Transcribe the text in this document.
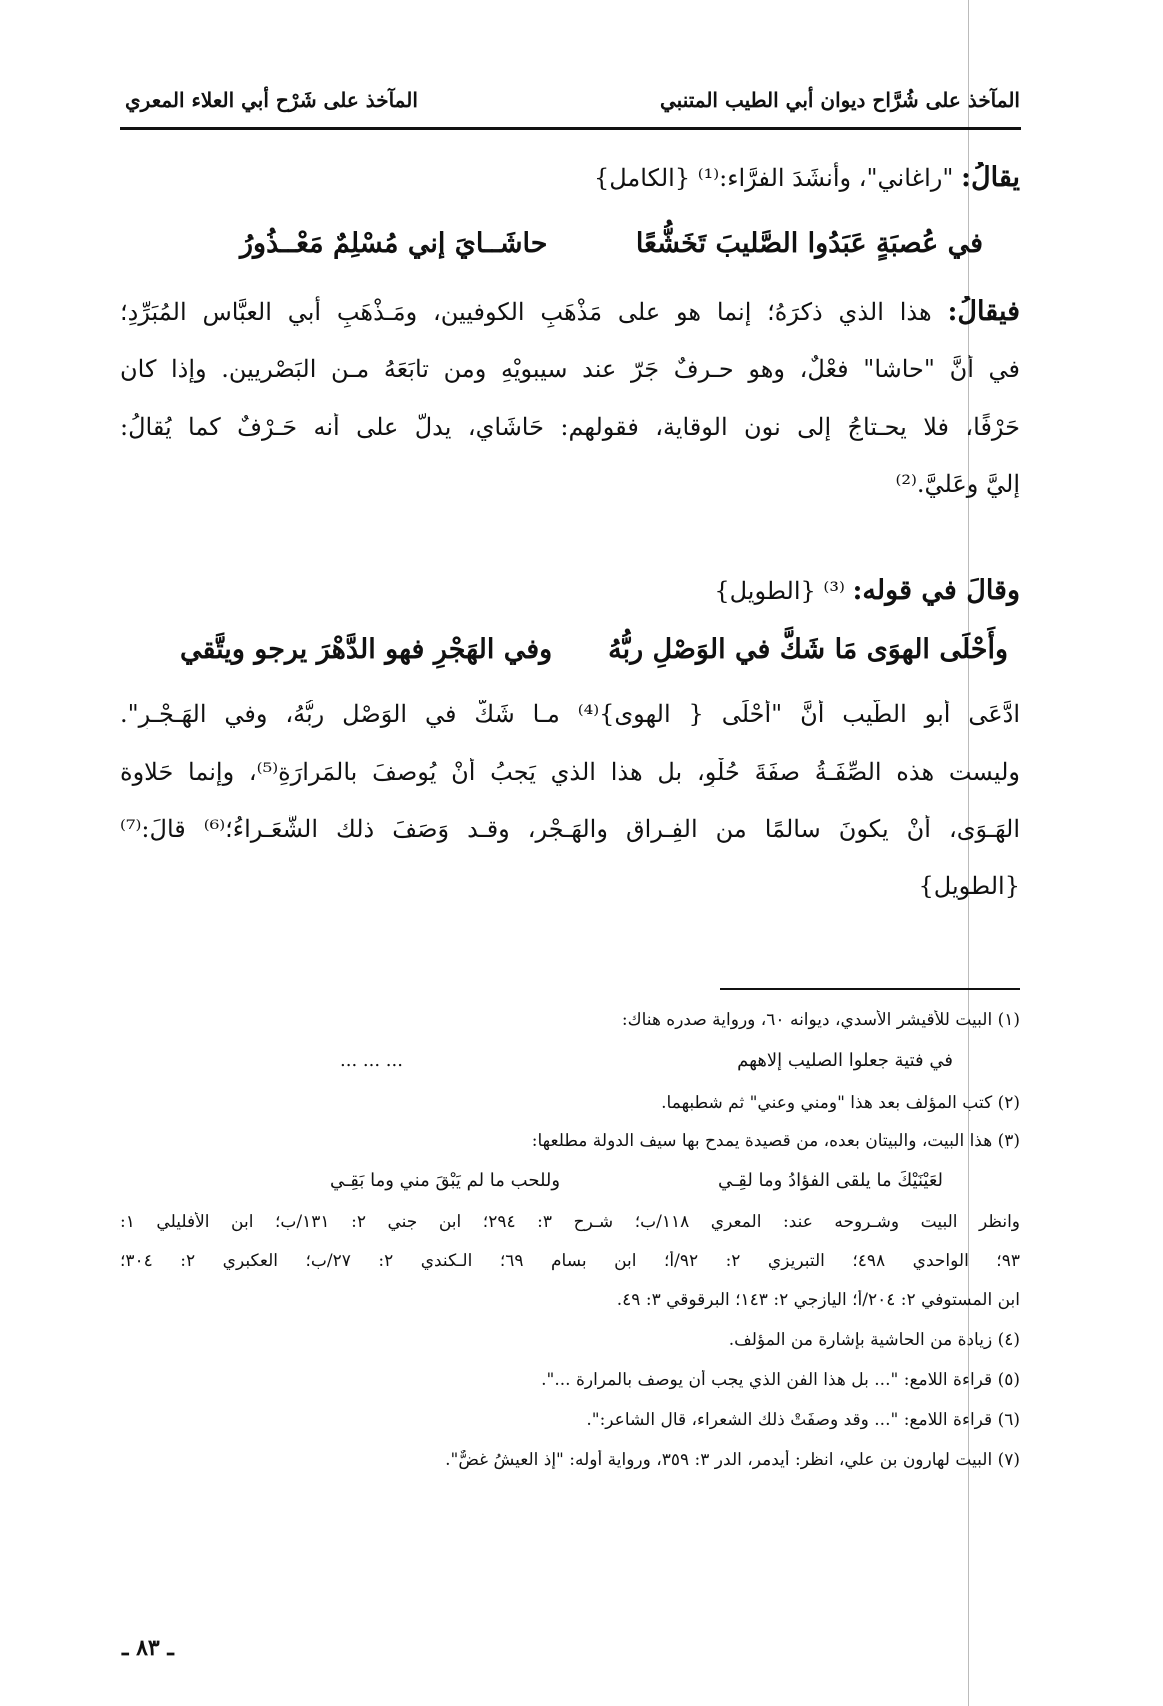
المآخذ على شُرَّاح ديوان أبي الطيب المتنبي
المآخذ على شَرْح أبي العلاء المعري
يقالُ: "راغاني"، وأنشَدَ الفرَّاء:⁽¹⁾ {الكامل}
في عُصبَةٍ عَبَدُوا الصَّليبَ تَخَشُّعًا
حاشَــايَ إني مُسْلِمٌ مَعْــذُورُ
فيقالُ: هذا الذي ذكرَهُ؛ إنما هو على مَذْهَبِ الكوفيين، ومَـذْهَبِ أبي العبَّاس المُبَرِّدِ؛
في أنَّ "حاشا" فعْلٌ، وهو حـرفٌ جَرّ عند سيبويْهِ ومن تابَعَهُ مـن البَصْريين. وإذا كان
حَرْفًا، فلا يحـتاجُ إلى نون الوقاية، فقولهم: حَاشَاي، يدلُّ على أنه حَـرْفٌ كما يُقالُ:
إليَّ وعَليَّ.⁽²⁾
وقالَ في قوله: ⁽³⁾ {الطويل}
وأَحْلَى الهوَى مَا شَكَّ في الوَصْلِ ربُّهُ
وفي الهَجْرِ فهو الدَّهْرَ يرجو ويتَّقي
ادَّعَى أبو الطَّيب أنَّ "أحْلَى { الهوى}⁽⁴⁾ مـا شَكَّ في الوَصْل ربُّهُ، وفي الهَـجْـرِ".
وليست هذه الصِّفَـةُ صفَةَ حُلْوٍ، بل هذا الذي يَجبُ أنْ يُوصفَ بالمَرارَةِ⁽⁵⁾، وإنما حَلاوة
الهَـوَى، أنْ يكونَ سالمًا من الفِـراق والهَـجْر، وقـد وَصَفَ ذلك الشُّعَـراءُ؛⁽⁶⁾ قالَ:⁽⁷⁾
{الطويل}
(١) البيت للأقيشر الأسدي، ديوانه ٦٠، ورواية صدره هناك:
في فتية جعلوا الصليب إلاههم
... ... ...
(٢) كتب المؤلف بعد هذا "ومني وعني" ثم شطبهما.
(٣) هذا البيت، والبيتان بعده، من قصيدة يمدح بها سيف الدولة مطلعها:
لعَيْنَيْكَ ما يلقى الفؤادُ وما لقِـي
وللحب ما لم يَبْقَ مني وما بَقِـي
وانظر البيت وشـروحه عند: المعري ١١٨/ب؛ شـرح ٣: ٢٩٤؛ ابن جني ٢: ١٣١/ب؛ ابن الأفليلي ١:
٩٣؛ الواحدي ٤٩٨؛ التبريزي ٢: ٩٢/أ؛ ابن بسام ٦٩؛ الـكندي ٢: ٢٧/ب؛ العكبري ٢: ٣٠٤؛
ابن المستوفي ٢: ٢٠٤/أ؛ اليازجي ٢: ١٤٣؛ البرقوقي ٣: ٤٩.
(٤) زيادة من الحاشية بإشارة من المؤلف.
(٥) قراءة اللامع: "... بل هذا الفن الذي يجب أن يوصف بالمرارة ...".
(٦) قراءة اللامع: "... وقد وصفَتْ ذلك الشعراء، قال الشاعر:".
(٧) البيت لهارون بن علي، انظر: أيدمر، الدر ٣: ٣٥٩، ورواية أوله: "إذ العيشُ غضٌّ".
ـ ٨٣ ـ
